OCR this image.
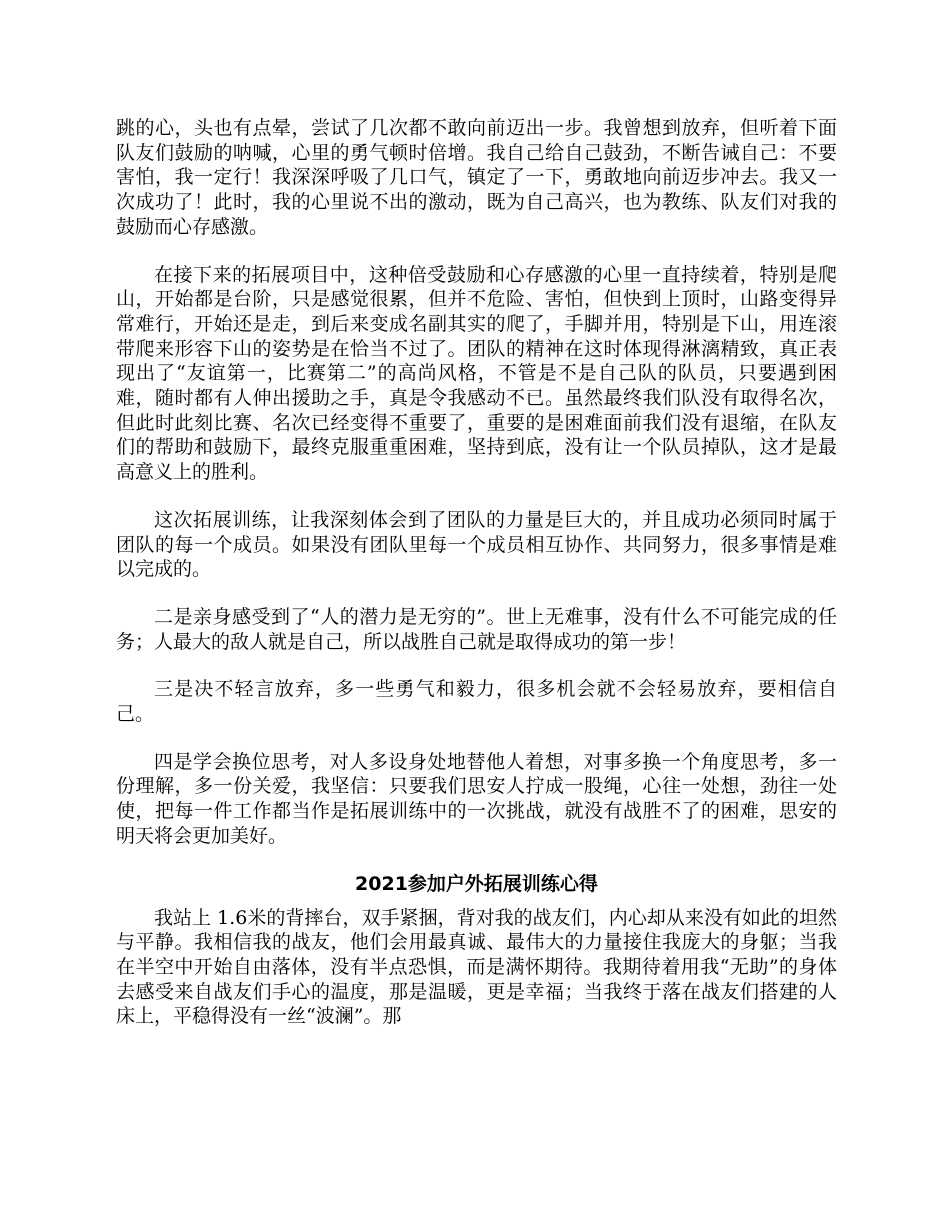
跳的心，头也有点晕，尝试了几次都不敢向前迈出一步。我曾想到放弃，但听着下面队友们鼓励的呐喊，心里的勇气顿时倍增。我自己给自己鼓劲，不断告诫自己：不要害怕，我一定行！我深深呼吸了几口气，镇定了一下，勇敢地向前迈步冲去。我又一次成功了！此时，我的心里说不出的激动，既为自己高兴，也为教练、队友们对我的鼓励而心存感激。

在接下来的拓展项目中，这种倍受鼓励和心存感激的心里一直持续着，特别是爬山，开始都是台阶，只是感觉很累，但并不危险、害怕，但快到上顶时，山路变得异常难行，开始还是走，到后来变成名副其实的爬了，手脚并用，特别是下山，用连滚带爬来形容下山的姿势是在恰当不过了。团队的精神在这时体现得淋漓精致，真正表现出了“友谊第一，比赛第二”的高尚风格，不管是不是自己队的队员，只要遇到困难，随时都有人伸出援助之手，真是令我感动不已。虽然最终我们队没有取得名次，但此时此刻比赛、名次已经变得不重要了，重要的是困难面前我们没有退缩，在队友们的帮助和鼓励下，最终克服重重困难，坚持到底，没有让一个队员掉队，这才是最高意义上的胜利。

这次拓展训练，让我深刻体会到了团队的力量是巨大的，并且成功必须同时属于团队的每一个成员。如果没有团队里每一个成员相互协作、共同努力，很多事情是难以完成的。

二是亲身感受到了“人的潜力是无穷的”。世上无难事，没有什么不可能完成的任务；人最大的敌人就是自己，所以战胜自己就是取得成功的第一步！

三是决不轻言放弃，多一些勇气和毅力，很多机会就不会轻易放弃，要相信自己。

四是学会换位思考，对人多设身处地替他人着想，对事多换一个角度思考，多一份理解，多一份关爱，我坚信：只要我们思安人拧成一股绳，心往一处想，劲往一处使，把每一件工作都当作是拓展训练中的一次挑战，就没有战胜不了的困难，思安的明天将会更加美好。

2021参加户外拓展训练心得

我站上 1.6米的背摔台，双手紧捆，背对我的战友们，内心却从来没有如此的坦然与平静。我相信我的战友，他们会用最真诚、最伟大的力量接住我庞大的身躯；当我在半空中开始自由落体，没有半点恐惧，而是满怀期待。我期待着用我“无助”的身体去感受来自战友们手心的温度，那是温暖，更是幸福；当我终于落在战友们搭建的人床上，平稳得没有一丝“波澜”。那
